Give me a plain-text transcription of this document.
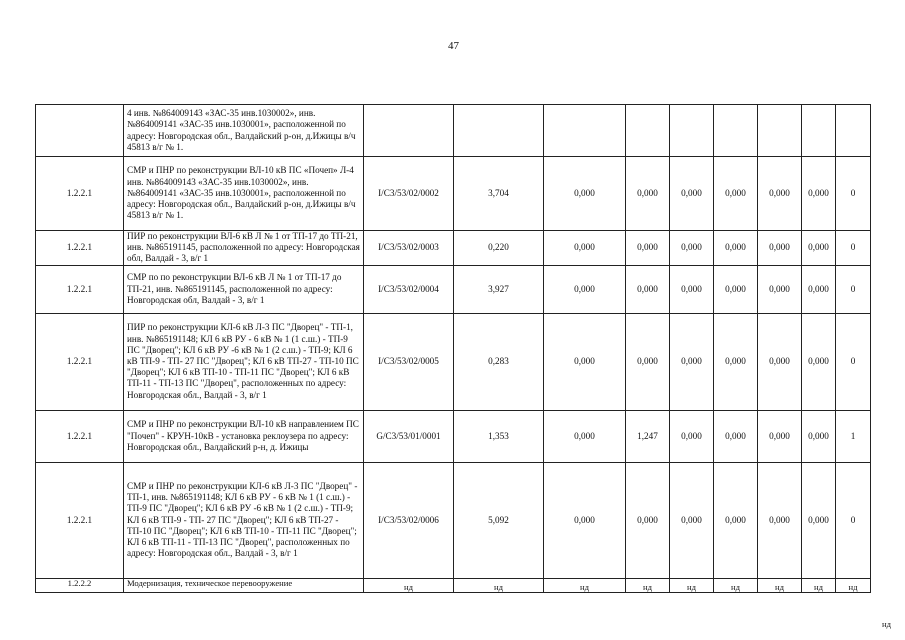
47
	4 инв. №864009143 «ЗАС-35 инв.1030002», инв. №864009141 «ЗАС-35 инв.1030001», расположенной по адресу: Новгородская обл., Валдайский р-он, д.Ижицы в/ч 45813 в/г № 1.									
1.2.2.1	СМР и ПНР по реконструкции ВЛ-10 кВ ПС «Почеп» Л-4 инв. №864009143 «ЗАС-35 инв.1030002», инв. №864009141 «ЗАС-35 инв.1030001», расположенной по адресу: Новгородская обл., Валдайский р-он, д.Ижицы в/ч 45813 в/г № 1.	I/C3/53/02/0002	3,704	0,000	0,000	0,000	0,000	0,000	0,000	0
1.2.2.1	ПИР по реконструкции ВЛ-6 кВ Л № 1 от ТП-17 до ТП-21, инв. №865191145, расположенной по адресу: Новгородская обл, Валдай - 3, в/г 1	I/C3/53/02/0003	0,220	0,000	0,000	0,000	0,000	0,000	0,000	0
1.2.2.1	СМР по по реконструкции ВЛ-6 кВ Л № 1 от ТП-17 до ТП-21, инв. №865191145, расположенной по адресу: Новгородская обл, Валдай - 3, в/г 1	I/C3/53/02/0004	3,927	0,000	0,000	0,000	0,000	0,000	0,000	0
1.2.2.1	ПИР по реконструкции КЛ-6 кВ Л-3 ПС "Дворец" - ТП-1, инв. №865191148; КЛ 6 кВ РУ - 6 кВ № 1 (1 с.ш.) - ТП-9 ПС "Дворец"; КЛ 6 кВ РУ -6 кВ № 1 (2 с.ш.) - ТП-9; КЛ 6 кВ ТП-9 - ТП- 27 ПС "Дворец"; КЛ 6 кВ ТП-27 - ТП-10 ПС "Дворец"; КЛ 6 кВ ТП-10 - ТП-11 ПС "Дворец"; КЛ 6 кВ ТП-11 - ТП-13 ПС "Дворец", расположенных по адресу: Новгородская обл., Валдай - 3, в/г 1	I/C3/53/02/0005	0,283	0,000	0,000	0,000	0,000	0,000	0,000	0
1.2.2.1	СМР и ПНР по реконструкции ВЛ-10 кВ направлением ПС "Почеп" - КРУН-10кВ - установка реклоузера по адресу: Новгородская обл., Валдайский р-н, д. Ижицы	G/C3/53/01/0001	1,353	0,000	1,247	0,000	0,000	0,000	0,000	1
1.2.2.1	СМР и ПНР по реконструкции КЛ-6 кВ Л-3 ПС "Дворец" - ТП-1, инв. №865191148; КЛ 6 кВ РУ - 6 кВ № 1 (1 с.ш.) - ТП-9 ПС "Дворец"; КЛ 6 кВ РУ -6 кВ № 1 (2 с.ш.) - ТП-9; КЛ 6 кВ ТП-9 - ТП- 27 ПС "Дворец"; КЛ 6 кВ ТП-27 - ТП-10 ПС "Дворец"; КЛ 6 кВ ТП-10 - ТП-11 ПС "Дворец"; КЛ 6 кВ ТП-11 - ТП-13 ПС "Дворец", расположенных по адресу: Новгородская обл., Валдай - 3, в/г 1	I/C3/53/02/0006	5,092	0,000	0,000	0,000	0,000	0,000	0,000	0
1.2.2.2	Модернизация, техническое перевооружение	нд	нд	нд	нд	нд	нд	нд	нд	нд
нд
